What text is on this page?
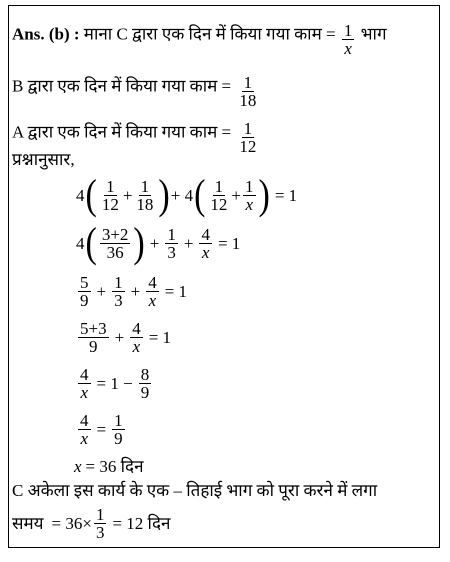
Ans. (b) : माना C द्वारा एक दिन में किया गया काम = $\frac{1}{x}$ भाग
B द्वारा एक दिन में किया गया काम = $\frac{1}{18}$
A द्वारा एक दिन में किया गया काम = $\frac{1}{12}$
प्रश्नानुसार,
4 ( $\frac{1}{12} + \frac{1}{18}$ ) + 4 ( $\frac{1}{12} + \frac{1}{x}$ ) = 1
4 ( $\frac{3+2}{36}$ ) + $\frac{1}{3} + \frac{4}{x} = 1$
$\frac{5}{9} + \frac{1}{3} + \frac{4}{x} = 1$
$\frac{5+3}{9} + \frac{4}{x} = 1$
$\frac{4}{x} = 1 - \frac{8}{9}$
$\frac{4}{x} = \frac{1}{9}$
x = 36 दिन
C अकेला इस कार्य के एक – तिहाई भाग को पूरा करने में लगा
समय = $36\times \frac{1}{3} = 12$ दिन
